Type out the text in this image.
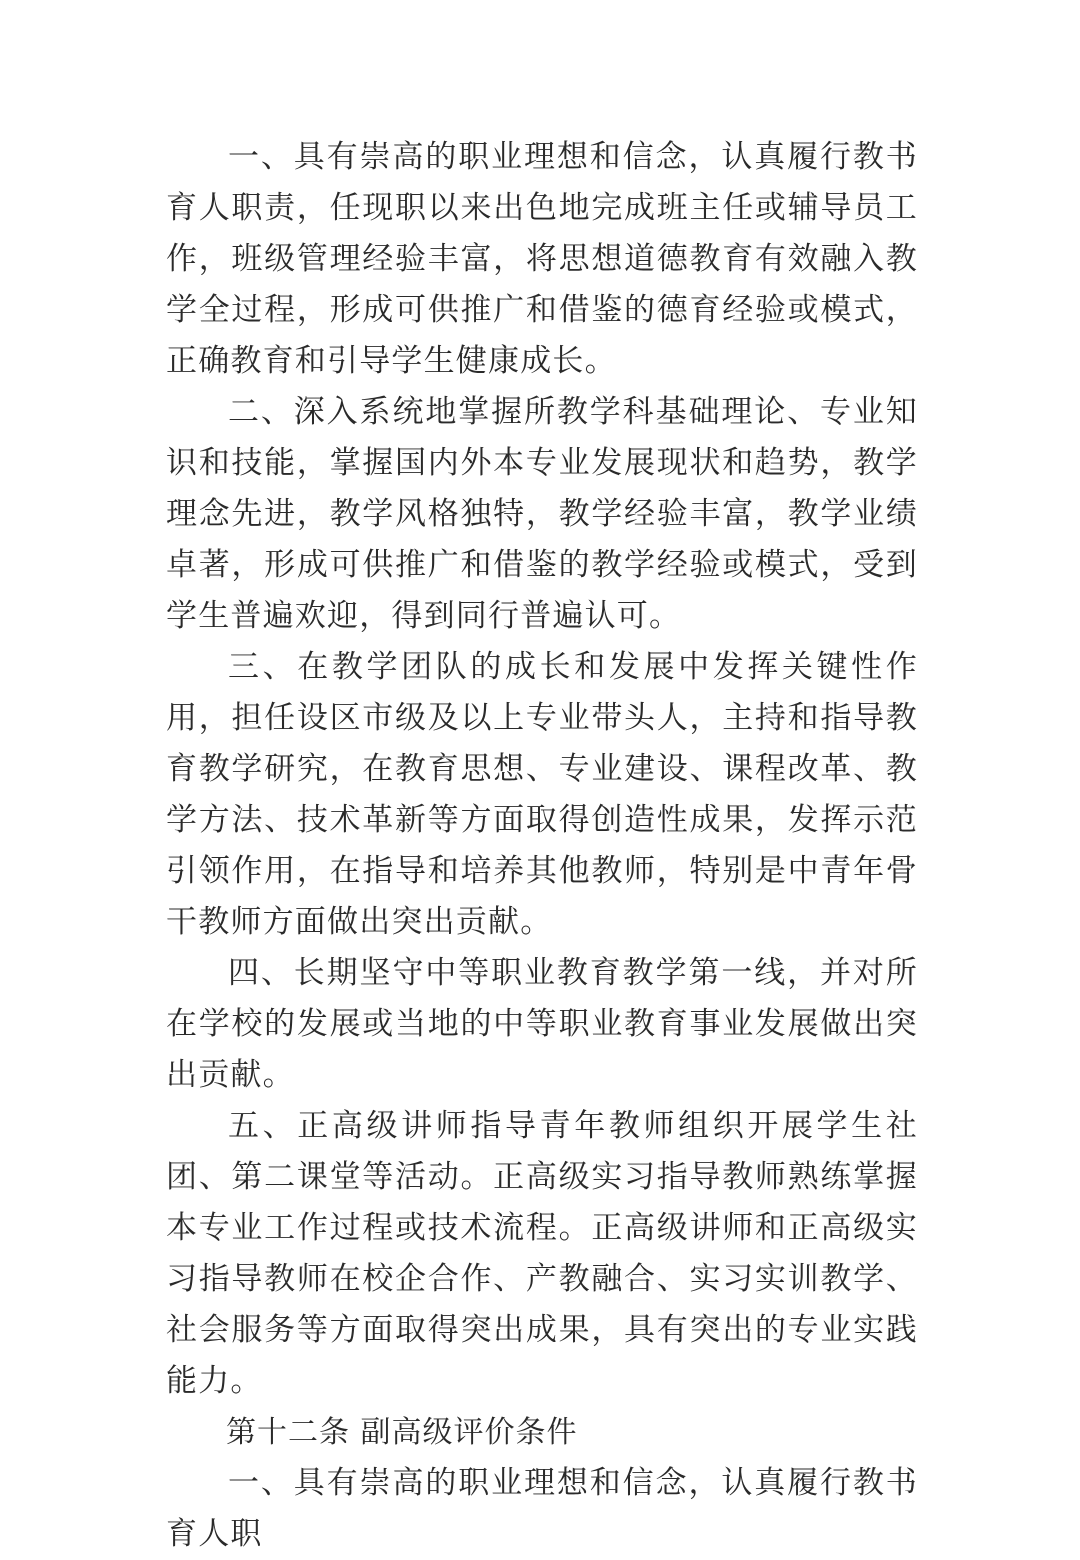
一、具有崇高的职业理想和信念，认真履行教书育人职责，任现职以来出色地完成班主任或辅导员工作，班级管理经验丰富，将思想道德教育有效融入教学全过程，形成可供推广和借鉴的德育经验或模式，正确教育和引导学生健康成长。

二、深入系统地掌握所教学科基础理论、专业知识和技能，掌握国内外本专业发展现状和趋势，教学理念先进，教学风格独特，教学经验丰富，教学业绩卓著，形成可供推广和借鉴的教学经验或模式，受到学生普遍欢迎，得到同行普遍认可。

三、在教学团队的成长和发展中发挥关键性作用，担任设区市级及以上专业带头人，主持和指导教育教学研究，在教育思想、专业建设、课程改革、教学方法、技术革新等方面取得创造性成果，发挥示范引领作用，在指导和培养其他教师，特别是中青年骨干教师方面做出突出贡献。

四、长期坚守中等职业教育教学第一线，并对所在学校的发展或当地的中等职业教育事业发展做出突出贡献。

五、正高级讲师指导青年教师组织开展学生社团、第二课堂等活动。正高级实习指导教师熟练掌握本专业工作过程或技术流程。正高级讲师和正高级实习指导教师在校企合作、产教融合、实习实训教学、社会服务等方面取得突出成果，具有突出的专业实践能力。

第十二条 副高级评价条件

一、具有崇高的职业理想和信念，认真履行教书育人职
